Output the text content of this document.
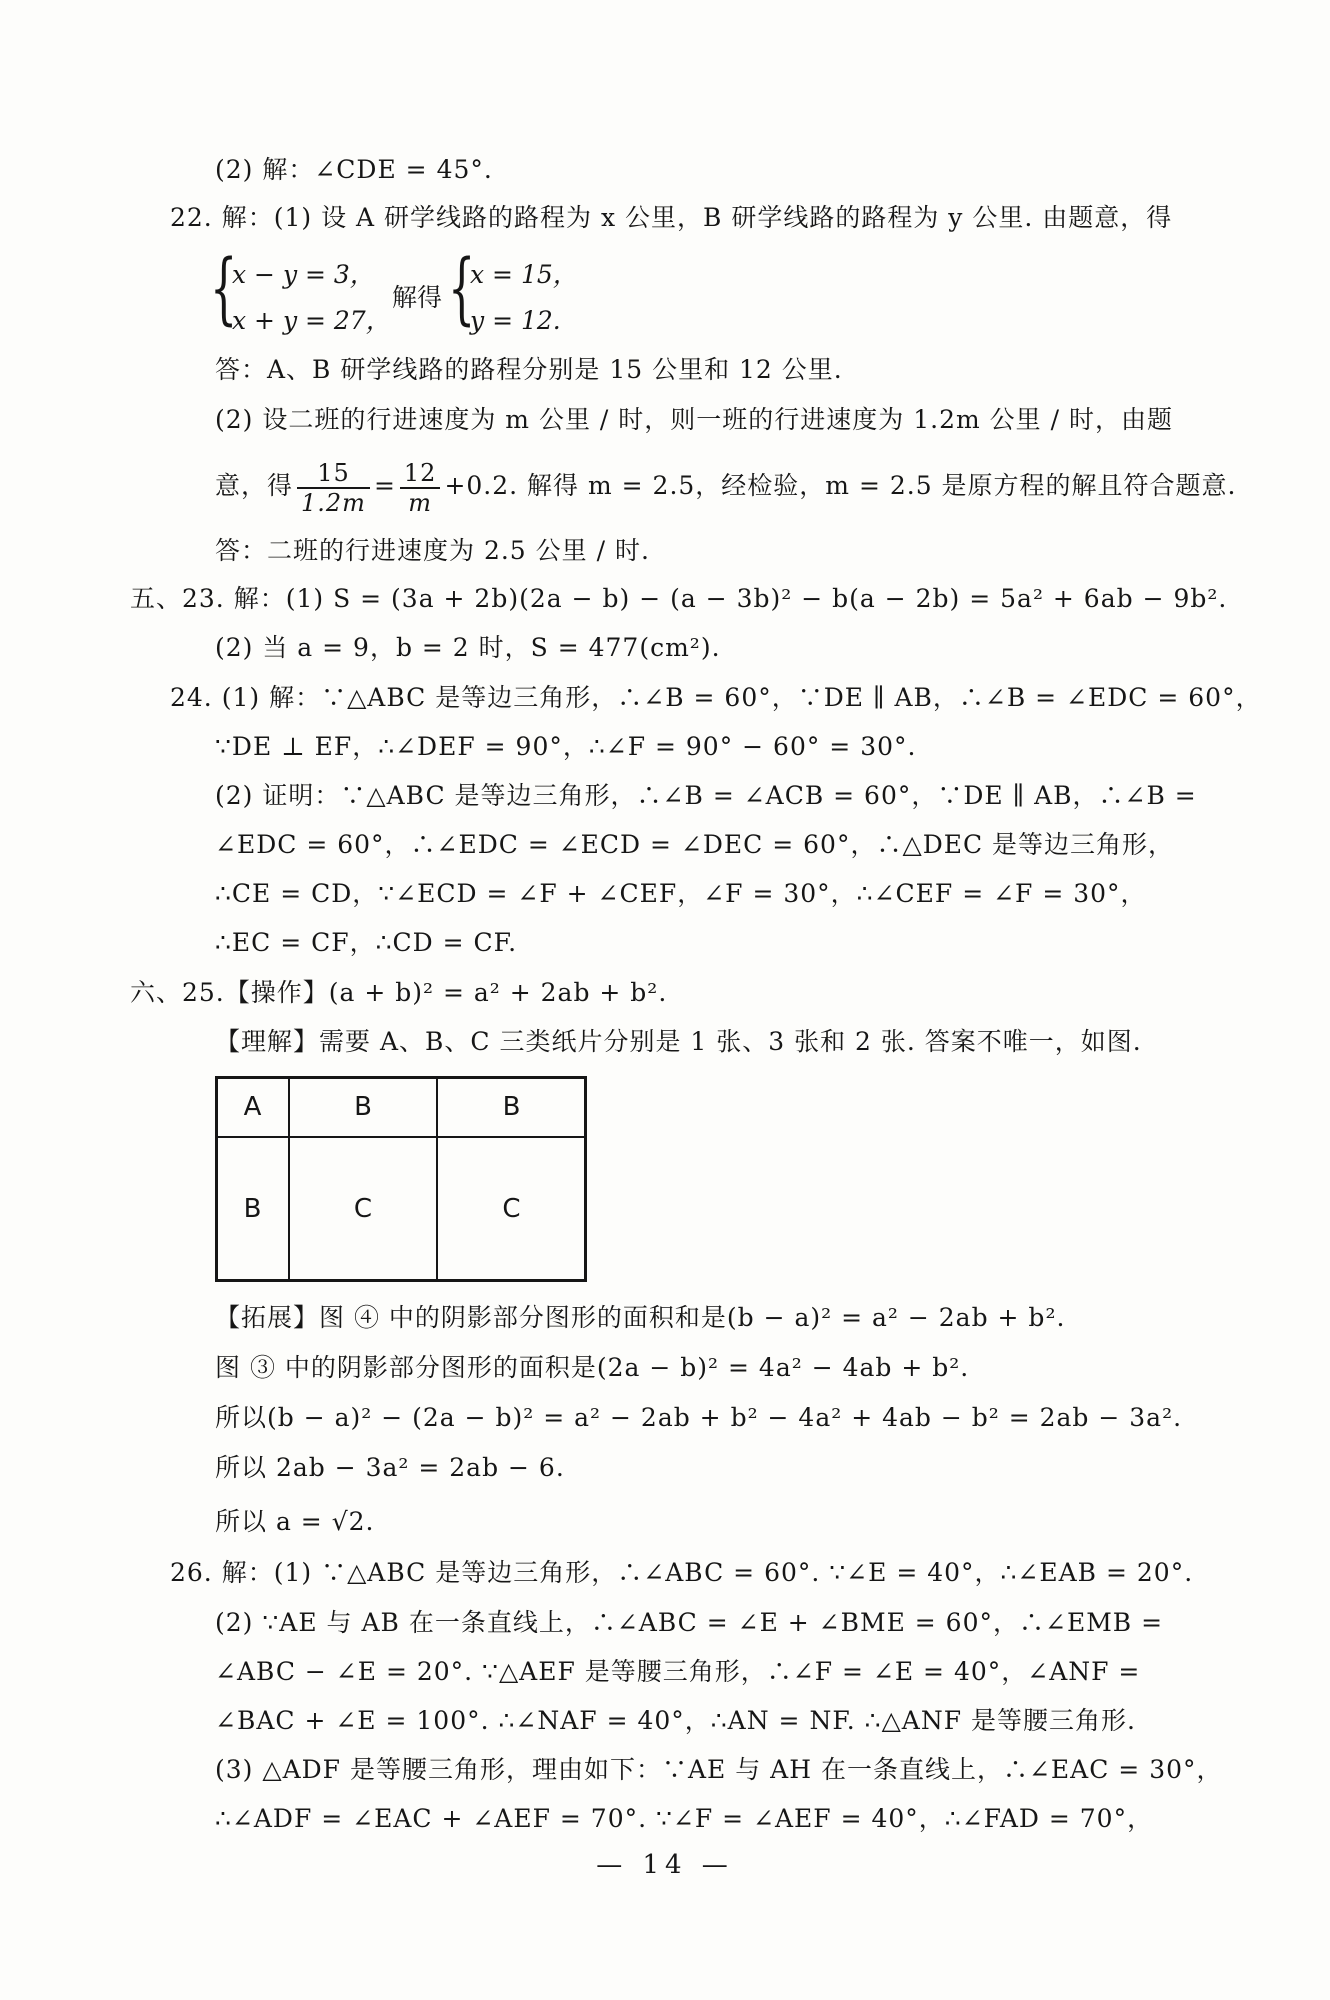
(2) 解：∠CDE = 45°.
22. 解：(1) 设 A 研学线路的路程为 x 公里，B 研学线路的路程为 y 公里. 由题意，得
{
x − y = 3，
x + y = 27，
解得 {
x = 15，
y = 12.
答：A、B 研学线路的路程分别是 15 公里和 12 公里.
(2) 设二班的行进速度为 m 公里 / 时，则一班的行进速度为 1.2m 公里 / 时，由题
意，得 $\frac{15}{1.2m} = \frac{12}{m} +0.2$. 解得 m = 2.5，经检验，m = 2.5 是原方程的解且符合题意.
答：二班的行进速度为 2.5 公里 / 时.
五、23. 解：(1) S = (3a + 2b)(2a − b) − (a − 3b)² − b(a − 2b) = 5a² + 6ab − 9b².
(2) 当 a = 9，b = 2 时，S = 477(cm²).
24. (1) 解：∵△ABC 是等边三角形，∴∠B = 60°，∵DE ∥ AB，∴∠B = ∠EDC = 60°，
∵DE ⊥ EF，∴∠DEF = 90°，∴∠F = 90° − 60° = 30°.
(2) 证明：∵△ABC 是等边三角形，∴∠B = ∠ACB = 60°，∵DE ∥ AB，∴∠B =
∠EDC = 60°，∴∠EDC = ∠ECD = ∠DEC = 60°，∴△DEC 是等边三角形，
∴CE = CD，∵∠ECD = ∠F + ∠CEF，∠F = 30°，∴∠CEF = ∠F = 30°，
∴EC = CF，∴CD = CF.
六、25.【操作】(a + b)² = a² + 2ab + b².
【理解】需要 A、B、C 三类纸片分别是 1 张、3 张和 2 张. 答案不唯一，如图.
A	B	B
B	C	C
【拓展】图 ④ 中的阴影部分图形的面积和是(b − a)² = a² − 2ab + b².
图 ③ 中的阴影部分图形的面积是(2a − b)² = 4a² − 4ab + b².
所以(b − a)² − (2a − b)² = a² − 2ab + b² − 4a² + 4ab − b² = 2ab − 3a².
所以 2ab − 3a² = 2ab − 6.
所以 a = √2.
26. 解：(1) ∵△ABC 是等边三角形，∴∠ABC = 60°. ∵∠E = 40°，∴∠EAB = 20°.
(2) ∵AE 与 AB 在一条直线上，∴∠ABC = ∠E + ∠BME = 60°，∴∠EMB =
∠ABC − ∠E = 20°. ∵△AEF 是等腰三角形，∴∠F = ∠E = 40°，∠ANF =
∠BAC + ∠E = 100°. ∴∠NAF = 40°，∴AN = NF. ∴△ANF 是等腰三角形.
(3) △ADF 是等腰三角形，理由如下：∵AE 与 AH 在一条直线上，∴∠EAC = 30°，
∴∠ADF = ∠EAC + ∠AEF = 70°. ∵∠F = ∠AEF = 40°，∴∠FAD = 70°，
— 14 —
